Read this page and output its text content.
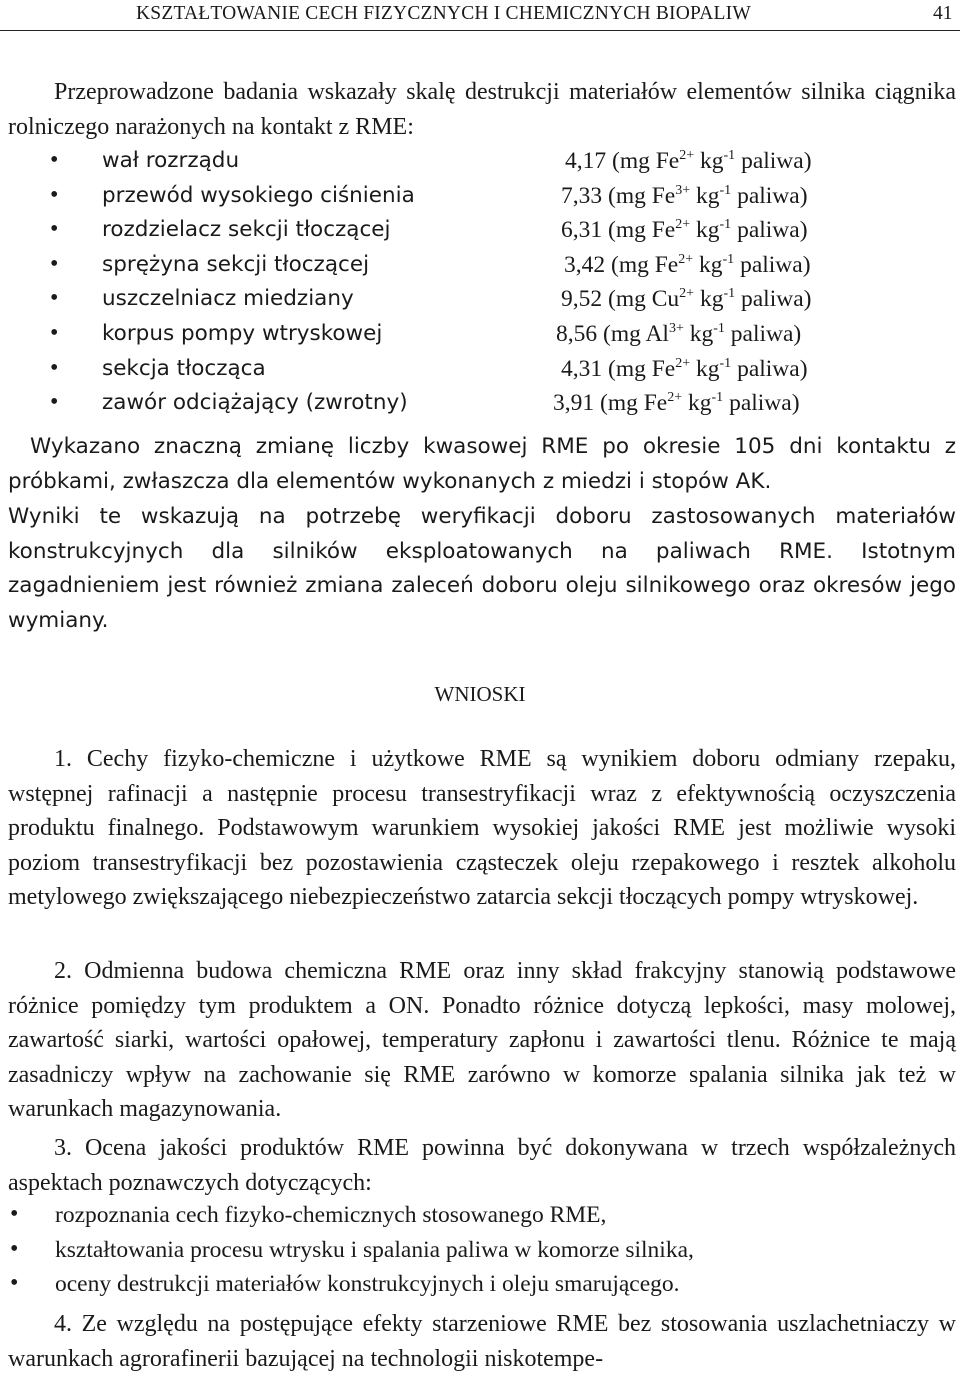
KSZTAŁTOWANIE CECH FIZYCZNYCH I CHEMICZNYCH BIOPALIW	41
Przeprowadzone badania wskazały skalę destrukcji materiałów elementów silnika ciągnika rolniczego narażonych na kontakt z RME:
• wał rozrządu	4,17 (mg $Fe^{2+}$ $kg^{-1}$ paliwa)
• przewód wysokiego ciśnienia	7,33 (mg $Fe^{3+}$ $kg^{-1}$ paliwa)
• rozdzielacz sekcji tłoczącej	6,31 (mg $Fe^{2+}$ $kg^{-1}$ paliwa)
• sprężyna sekcji tłoczącej	3,42 (mg $Fe^{2+}$ $kg^{-1}$ paliwa)
• uszczelniacz miedziany	9,52 (mg $Cu^{2+}$ $kg^{-1}$ paliwa)
• korpus pompy wtryskowej	8,56 (mg $Al^{3+}$ $kg^{-1}$ paliwa)
• sekcja tłocząca	4,31 (mg $Fe^{2+}$ $kg^{-1}$ paliwa)
• zawór odciążający (zwrotny)	3,91 (mg $Fe^{2+}$ $kg^{-1}$ paliwa)
Wykazano znaczną zmianę liczby kwasowej RME po okresie 105 dni kontaktu z próbkami, zwłaszcza dla elementów wykonanych z miedzi i stopów AK.
Wyniki te wskazują na potrzebę weryfikacji doboru zastosowanych materiałów konstrukcyjnych dla silników eksploatowanych na paliwach RME. Istotnym zagadnieniem jest również zmiana zaleceń doboru oleju silnikowego oraz okresów jego wymiany.
WNIOSKI
1. Cechy fizyko-chemiczne i użytkowe RME są wynikiem doboru odmiany rzepaku, wstępnej rafinacji a następnie procesu transestryfikacji wraz z efektywnością oczyszczenia produktu finalnego. Podstawowym warunkiem wysokiej jakości RME jest możliwie wysoki poziom transestryfikacji bez pozostawienia cząsteczek oleju rzepakowego i resztek alkoholu metylowego zwiększającego niebezpieczeństwo zatarcia sekcji tłoczących pompy wtryskowej.
2. Odmienna budowa chemiczna RME oraz inny skład frakcyjny stanowią podstawowe różnice pomiędzy tym produktem a ON. Ponadto różnice dotyczą lepkości, masy molowej, zawartość siarki, wartości opałowej, temperatury zapłonu i zawartości tlenu. Różnice te mają zasadniczy wpływ na zachowanie się RME zarówno w komorze spalania silnika jak też w warunkach magazynowania.
3. Ocena jakości produktów RME powinna być dokonywana w trzech współzależnych aspektach poznawczych dotyczących:
• rozpoznania cech fizyko-chemicznych stosowanego RME,
• kształtowania procesu wtrysku i spalania paliwa w komorze silnika,
• oceny destrukcji materiałów konstrukcyjnych i oleju smarującego.
4. Ze względu na postępujące efekty starzeniowe RME bez stosowania uszlachetniaczy w warunkach agrorafinerii bazującej na technologii niskotempe-
